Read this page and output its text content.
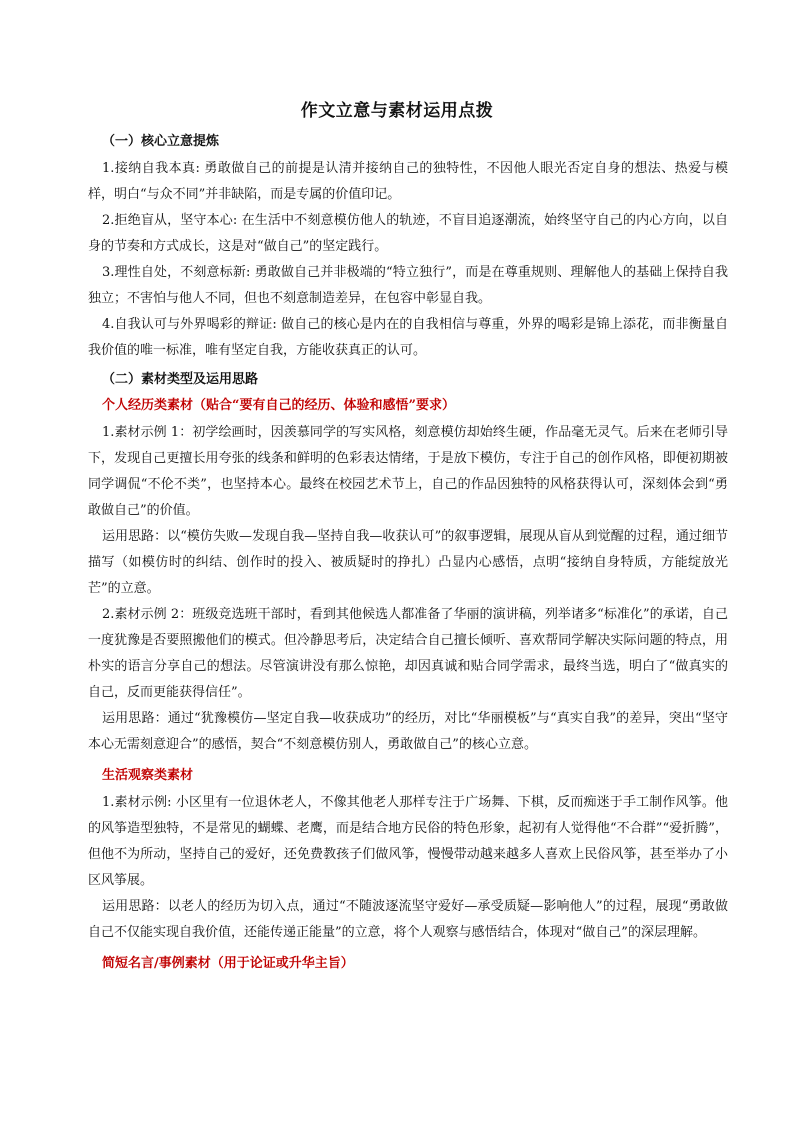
作文立意与素材运用点拨
（一）核心立意提炼

1.接纳自我本真: 勇敢做自己的前提是认清并接纳自己的独特性，不因他人眼光否定自身的想法、热爱与模样，明白“与众不同”并非缺陷，而是专属的价值印记。

2.拒绝盲从，坚守本心: 在生活中不刻意模仿他人的轨迹，不盲目追逐潮流，始终坚守自己的内心方向，以自身的节奏和方式成长，这是对“做自己”的坚定践行。

3.理性自处，不刻意标新: 勇敢做自己并非极端的“特立独行”，而是在尊重规则、理解他人的基础上保持自我独立；不害怕与他人不同，但也不刻意制造差异，在包容中彰显自我。

4.自我认可与外界喝彩的辩证: 做自己的核心是内在的自我相信与尊重，外界的喝彩是锦上添花，而非衡量自我价值的唯一标准，唯有坚定自我，方能收获真正的认可。

（二）素材类型及运用思路
个人经历类素材（贴合“要有自己的经历、体验和感悟”要求）

1.素材示例 1：初学绘画时，因羡慕同学的写实风格，刻意模仿却始终生硬，作品毫无灵气。后来在老师引导下，发现自己更擅长用夸张的线条和鲜明的色彩表达情绪，于是放下模仿，专注于自己的创作风格，即便初期被同学调侃“不伦不类”，也坚持本心。最终在校园艺术节上，自己的作品因独特的风格获得认可，深刻体会到“勇敢做自己”的价值。

运用思路：以“模仿失败—发现自我—坚持自我—收获认可”的叙事逻辑，展现从盲从到觉醒的过程，通过细节描写（如模仿时的纠结、创作时的投入、被质疑时的挣扎）凸显内心感悟，点明“接纳自身特质，方能绽放光芒”的立意。

2.素材示例 2：班级竞选班干部时，看到其他候选人都准备了华丽的演讲稿，列举诸多“标准化”的承诺，自己一度犹豫是否要照搬他们的模式。但冷静思考后，决定结合自己擅长倾听、喜欢帮同学解决实际问题的特点，用朴实的语言分享自己的想法。尽管演讲没有那么惊艳，却因真诚和贴合同学需求，最终当选，明白了“做真实的自己，反而更能获得信任”。

运用思路：通过“犹豫模仿—坚定自我—收获成功”的经历，对比“华丽模板”与“真实自我”的差异，突出“坚守本心无需刻意迎合”的感悟，契合“不刻意模仿别人，勇敢做自己”的核心立意。

生活观察类素材

1.素材示例: 小区里有一位退休老人，不像其他老人那样专注于广场舞、下棋，反而痴迷于手工制作风筝。他的风筝造型独特，不是常见的蝴蝶、老鹰，而是结合地方民俗的特色形象，起初有人觉得他“不合群”“爱折腾”，但他不为所动，坚持自己的爱好，还免费教孩子们做风筝，慢慢带动越来越多人喜欢上民俗风筝，甚至举办了小区风筝展。

运用思路：以老人的经历为切入点，通过“不随波逐流坚守爱好—承受质疑—影响他人”的过程，展现“勇敢做自己不仅能实现自我价值，还能传递正能量”的立意，将个人观察与感悟结合，体现对“做自己”的深层理解。

简短名言/事例素材（用于论证或升华主旨）
